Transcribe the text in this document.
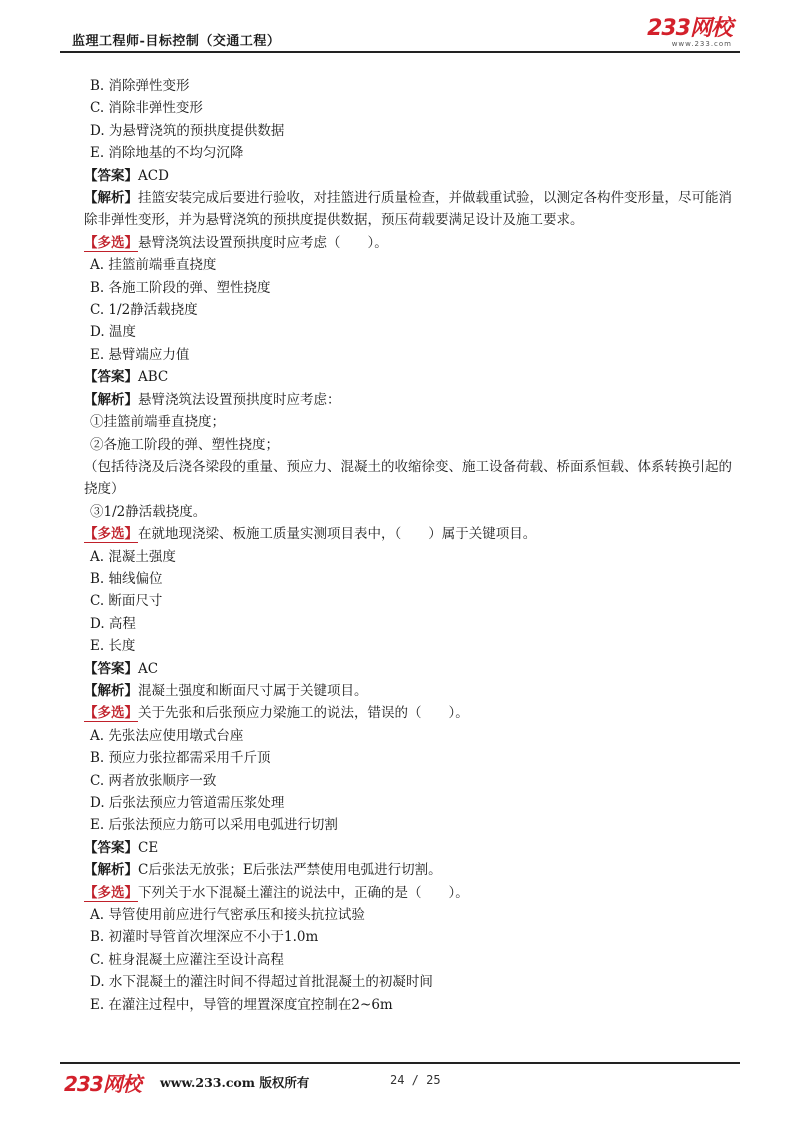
监理工程师-目标控制（交通工程）
233网校
www.233.com
B. 消除弹性变形
C. 消除非弹性变形
D. 为悬臂浇筑的预拱度提供数据
E. 消除地基的不均匀沉降
【答案】ACD
【解析】挂篮安装完成后要进行验收，对挂篮进行质量检查，并做载重试验，以测定各构件变形量，尽可能消除非弹性变形，并为悬臂浇筑的预拱度提供数据，预压荷载要满足设计及施工要求。
【多选】悬臂浇筑法设置预拱度时应考虑（　　）。
A. 挂篮前端垂直挠度
B. 各施工阶段的弹、塑性挠度
C. 1/2静活载挠度
D. 温度
E. 悬臂端应力值
【答案】ABC
【解析】悬臂浇筑法设置预拱度时应考虑：
①挂篮前端垂直挠度；
②各施工阶段的弹、塑性挠度；
（包括待浇及后浇各梁段的重量、预应力、混凝土的收缩徐变、施工设备荷载、桥面系恒载、体系转换引起的挠度）
③1/2静活载挠度。
【多选】在就地现浇梁、板施工质量实测项目表中，（　　）属于关键项目。
A. 混凝土强度
B. 轴线偏位
C. 断面尺寸
D. 高程
E. 长度
【答案】AC
【解析】混凝土强度和断面尺寸属于关键项目。
【多选】关于先张和后张预应力梁施工的说法，错误的（　　）。
A. 先张法应使用墩式台座
B. 预应力张拉都需采用千斤顶
C. 两者放张顺序一致
D. 后张法预应力管道需压浆处理
E. 后张法预应力筋可以采用电弧进行切割
【答案】CE
【解析】C后张法无放张；E后张法严禁使用电弧进行切割。
【多选】下列关于水下混凝土灌注的说法中，正确的是（　　）。
A. 导管使用前应进行气密承压和接头抗拉试验
B. 初灌时导管首次埋深应不小于1.0m
C. 桩身混凝土应灌注至设计高程
D. 水下混凝土的灌注时间不得超过首批混凝土的初凝时间
E. 在灌注过程中，导管的埋置深度宜控制在2~6m
233网校 www.233.com 版权所有	24 / 25
